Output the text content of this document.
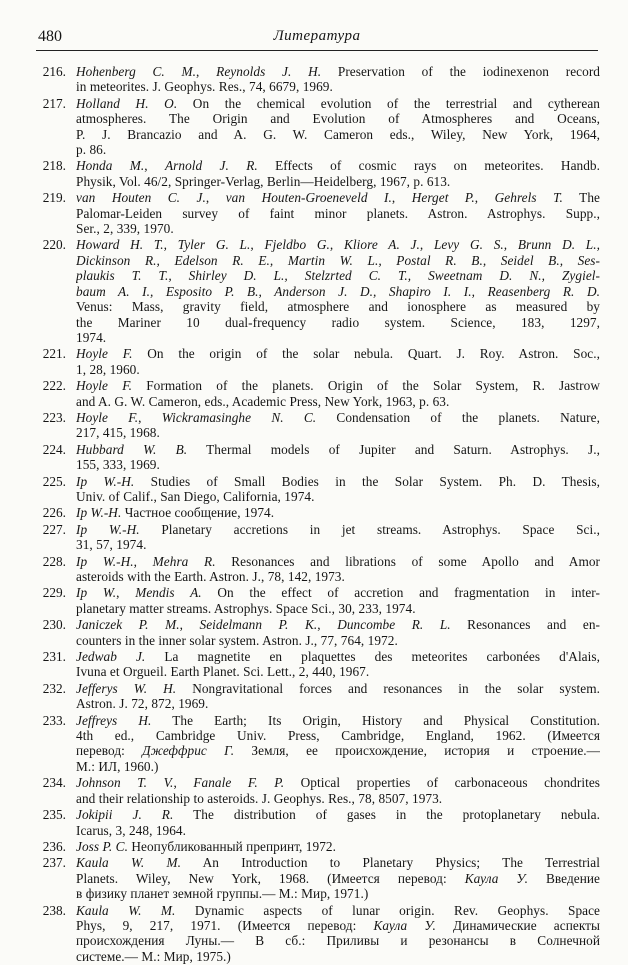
480	Литература
216. Hohenberg C. M., Reynolds J. H. Preservation of the iodinexenon record
in meteorites. J. Geophys. Res., 74, 6679, 1969.
217. Holland H. O. On the chemical evolution of the terrestrial and cytherean
atmospheres. The Origin and Evolution of Atmospheres and Oceans,
P. J. Brancazio and A. G. W. Cameron eds., Wiley, New York, 1964,
p. 86.
218. Honda M., Arnold J. R. Effects of cosmic rays on meteorites. Handb.
Physik, Vol. 46/2, Springer-Verlag, Berlin—Heidelberg, 1967, p. 613.
219. van Houten C. J., van Houten-Groeneveld I., Herget P., Gehrels T. The
Palomar-Leiden survey of faint minor planets. Astron. Astrophys. Supp.,
Ser., 2, 339, 1970.
220. Howard H. T., Tyler G. L., Fjeldbo G., Kliore A. J., Levy G. S., Brunn D. L.,
Dickinson R., Edelson R. E., Martin W. L., Postal R. B., Seidel B., Ses-
plaukis T. T., Shirley D. L., Stelzrted C. T., Sweetnam D. N., Zygiel-
baum A. I., Esposito P. B., Anderson J. D., Shapiro I. I., Reasenberg R. D.
Venus: Mass, gravity field, atmosphere and ionosphere as measured by
the Mariner 10 dual-frequency radio system. Science, 183, 1297,
1974.
221. Hoyle F. On the origin of the solar nebula. Quart. J. Roy. Astron. Soc.,
1, 28, 1960.
222. Hoyle F. Formation of the planets. Origin of the Solar System, R. Jastrow
and A. G. W. Cameron, eds., Academic Press, New York, 1963, p. 63.
223. Hoyle F., Wickramasinghe N. C. Condensation of the planets. Nature,
217, 415, 1968.
224. Hubbard W. B. Thermal models of Jupiter and Saturn. Astrophys. J.,
155, 333, 1969.
225. Ip W.-H. Studies of Small Bodies in the Solar System. Ph. D. Thesis,
Univ. of Calif., San Diego, California, 1974.
226. Ip W.-H. Частное сообщение, 1974.
227. Ip W.-H. Planetary accretions in jet streams. Astrophys. Space Sci.,
31, 57, 1974.
228. Ip W.-H., Mehra R. Resonances and librations of some Apollo and Amor
asteroids with the Earth. Astron. J., 78, 142, 1973.
229. Ip W., Mendis A. On the effect of accretion and fragmentation in inter-
planetary matter streams. Astrophys. Space Sci., 30, 233, 1974.
230. Janiczek P. M., Seidelmann P. K., Duncombe R. L. Resonances and en-
counters in the inner solar system. Astron. J., 77, 764, 1972.
231. Jedwab J. La magnetite en plaquettes des meteorites carbonées d'Alais,
Ivuna et Orgueil. Earth Planet. Sci. Lett., 2, 440, 1967.
232. Jefferys W. H. Nongravitational forces and resonances in the solar system.
Astron. J. 72, 872, 1969.
233. Jeffreys H. The Earth; Its Origin, History and Physical Constitution.
4th ed., Cambridge Univ. Press, Cambridge, England, 1962. (Имеется
перевод: Джеффрис Г. Земля, ее происхождение, история и строение.—
М.: ИЛ, 1960.)
234. Johnson T. V., Fanale F. P. Optical properties of carbonaceous chondrites
and their relationship to asteroids. J. Geophys. Res., 78, 8507, 1973.
235. Jokipii J. R. The distribution of gases in the protoplanetary nebula.
Icarus, 3, 248, 1964.
236. Joss P. C. Неопубликованный препринт, 1972.
237. Kaula W. M. An Introduction to Planetary Physics; The Terrestrial
Planets. Wiley, New York, 1968. (Имеется перевод: Каула У. Введение
в физику планет земной группы.— М.: Мир, 1971.)
238. Kaula W. M. Dynamic aspects of lunar origin. Rev. Geophys. Space
Phys, 9, 217, 1971. (Имеется перевод: Каула У. Динамические аспекты
происхождения Луны.— В сб.: Приливы и резонансы в Солнечной
системе.— М.: Мир, 1975.)
